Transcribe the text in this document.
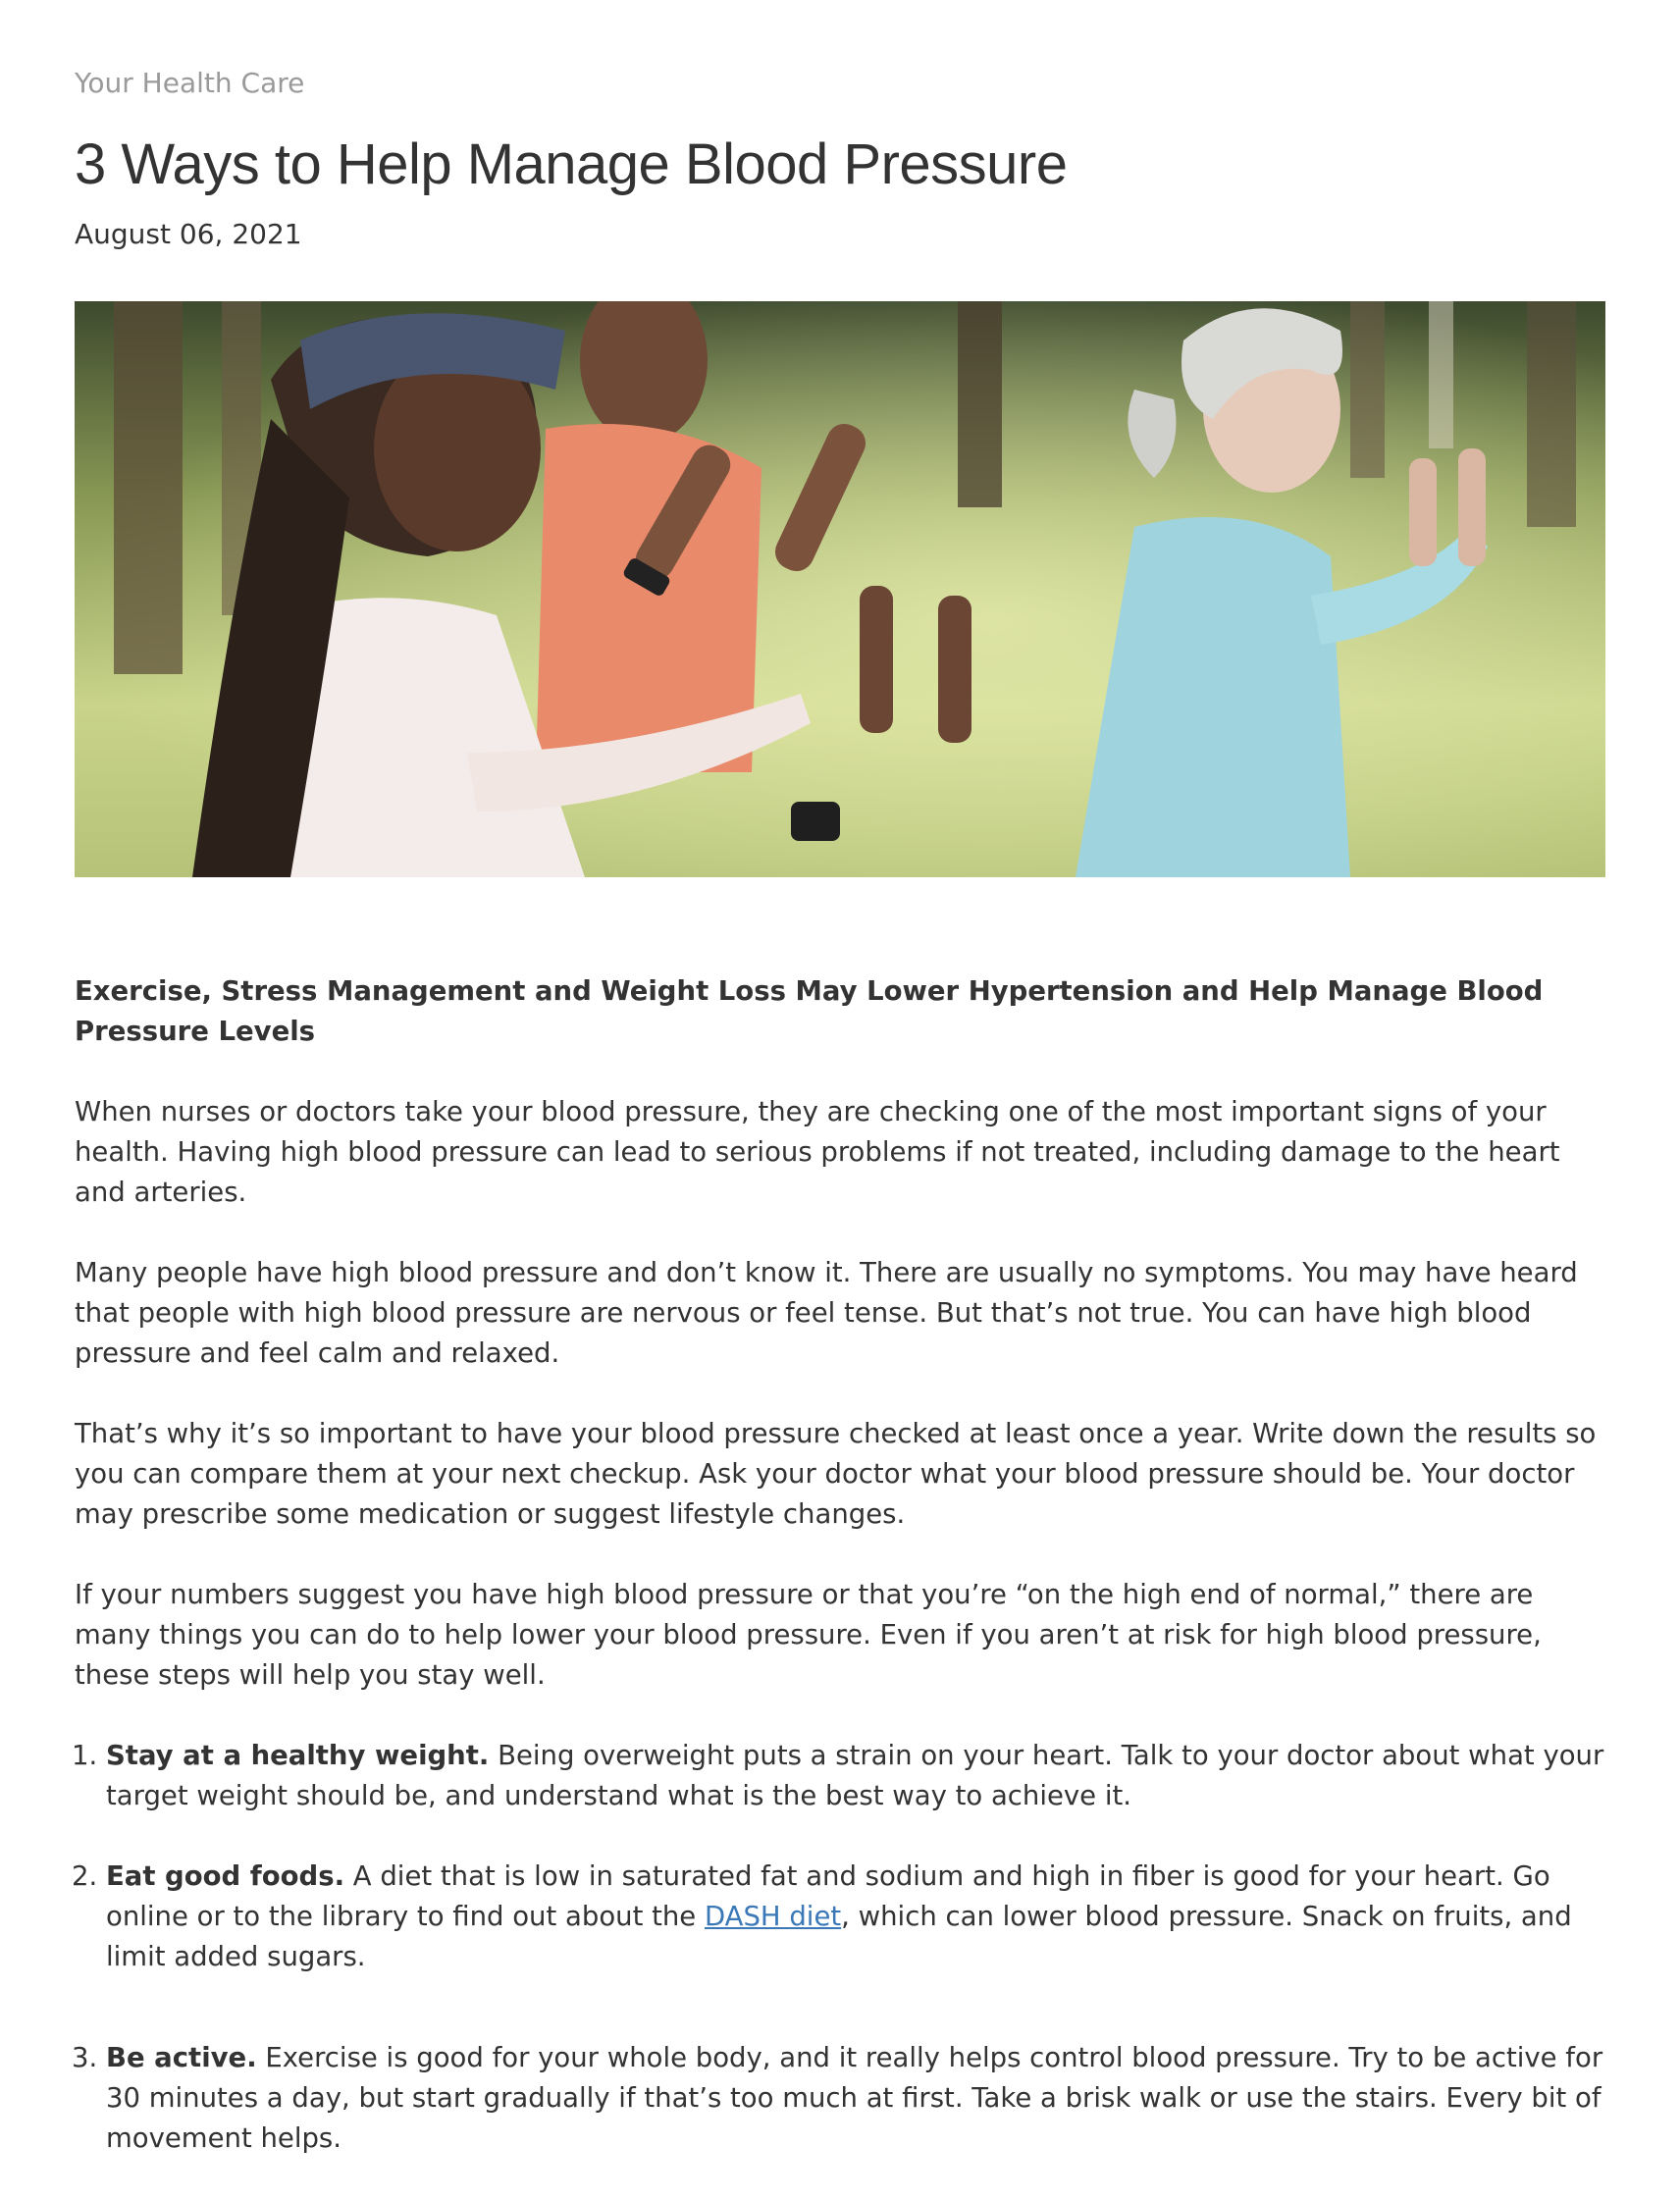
Your Health Care
3 Ways to Help Manage Blood Pressure
August 06, 2021

Exercise, Stress Management and Weight Loss May Lower Hypertension and Help Manage Blood Pressure Levels

When nurses or doctors take your blood pressure, they are checking one of the most important signs of your health. Having high blood pressure can lead to serious problems if not treated, including damage to the heart and arteries.

Many people have high blood pressure and don’t know it. There are usually no symptoms. You may have heard that people with high blood pressure are nervous or feel tense. But that’s not true. You can have high blood pressure and feel calm and relaxed.

That’s why it’s so important to have your blood pressure checked at least once a year. Write down the results so you can compare them at your next checkup. Ask your doctor what your blood pressure should be. Your doctor may prescribe some medication or suggest lifestyle changes.

If your numbers suggest you have high blood pressure or that you’re “on the high end of normal,” there are many things you can do to help lower your blood pressure. Even if you aren’t at risk for high blood pressure, these steps will help you stay well.

1. Stay at a healthy weight. Being overweight puts a strain on your heart. Talk to your doctor about what your target weight should be, and understand what is the best way to achieve it.
2. Eat good foods. A diet that is low in saturated fat and sodium and high in fiber is good for your heart. Go online or to the library to find out about the DASH diet, which can lower blood pressure. Snack on fruits, and limit added sugars.
3. Be active. Exercise is good for your whole body, and it really helps control blood pressure. Try to be active for 30 minutes a day, but start gradually if that’s too much at first. Take a brisk walk or use the stairs. Every bit of movement helps.
